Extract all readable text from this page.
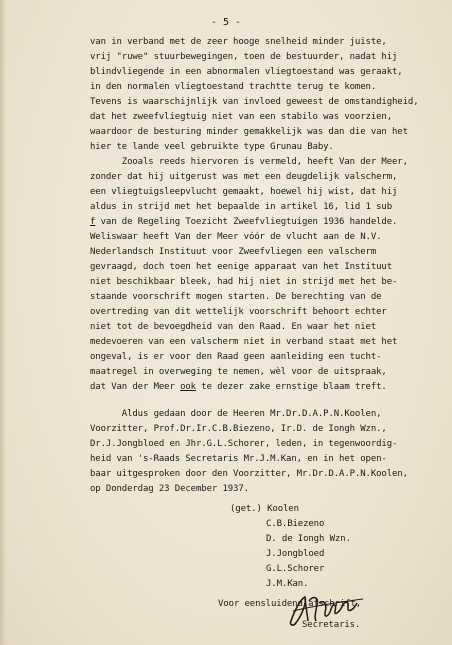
- 5 -
van in verband met de zeer hooge snelheid minder juiste,
vrij "ruwe" stuurbewegingen, toen de bestuurder, nadat hij
blindvliegende in een abnormalen vliegtoestand was geraakt,
in den normalen vliegtoestand trachtte terug te komen.
Tevens is waarschijnlijk van invloed geweest de omstandigheid,
dat het zweefvliegtuig niet van een stabilo was voorzien,
waardoor de besturing minder gemakkelijk was dan die van het
hier te lande veel gebruikte type Grunau Baby.
Zooals reeds hiervoren is vermeld, heeft Van der Meer,
zonder dat hij uitgerust was met een deugdelijk valscherm,
een vliegtuigsleepvlucht gemaakt, hoewel hij wist, dat hij
aldus in strijd met het bepaalde in artikel 16, lid 1 sub
f van de Regeling Toezicht Zweefvliegtuigen 1936 handelde.
Weliswaar heeft Van der Meer vóór de vlucht aan de N.V.
Nederlandsch Instituut voor Zweefvliegen een valscherm
gevraagd, doch toen het eenige apparaat van het Instituut
niet beschikbaar bleek, had hij niet in strijd met het be-
staande voorschrift mogen starten. De berechting van de
overtreding van dit wettelijk voorschrift behoort echter
niet tot de bevoegdheid van den Raad. En waar het niet
medevoeren van een valscherm niet in verband staat met het
ongeval, is er voor den Raad geen aanleiding een tucht-
maatregel in overweging te nemen, wèl voor de uitspraak,
dat Van der Meer ook te dezer zake ernstige blaam treft.
Aldus gedaan door de Heeren Mr.Dr.D.A.P.N.Koolen,
Voorzitter, Prof.Dr.Ir.C.B.Biezeno, Ir.D. de Iongh Wzn.,
Dr.J.Jongbloed en Jhr.G.L.Schorer, leden, in tegenwoordig-
heid van 's-Raads Secretaris Mr.J.M.Kan, en in het open-
baar uitgesproken door den Voorzitter, Mr.Dr.D.A.P.N.Koolen,
op Donderdag 23 December 1937.
(get.) Koolen
C.B.Biezeno
D. de Iongh Wzn.
J.Jongbloed
G.L.Schorer
J.M.Kan.
Voor eensluidend afschrift,
Secretaris.
